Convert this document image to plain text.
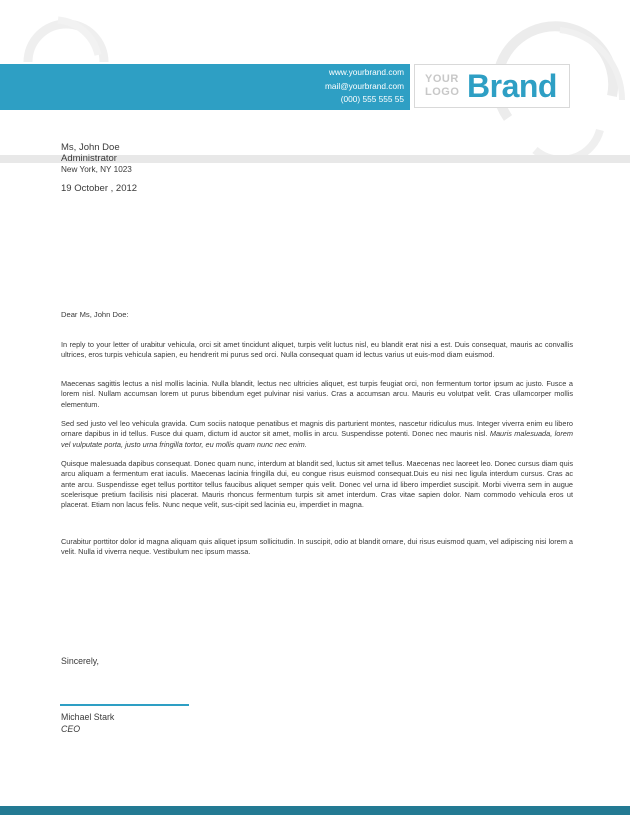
www.yourbrand.com
mail@yourbrand.com
(000) 555 555 55
YOUR
LOGO Brand
Ms, John Doe
Administrator
New York, NY 1023
19 October , 2012
Dear Ms, John Doe:

In reply to your letter of urabitur vehicula, orci sit amet tincidunt aliquet, turpis velit luctus nisl, eu blandit erat nisi a est. Duis consequat, mauris ac convallis ultrices, eros turpis vehicula sapien, eu hendrerit mi purus sed orci. Nulla consequat quam id lectus varius ut euis-mod diam euismod.

Maecenas sagittis lectus a nisl mollis lacinia. Nulla blandit, lectus nec ultricies aliquet, est turpis feugiat orci, non fermentum tortor ipsum ac justo. Fusce a lorem nisl. Nullam accumsan lorem ut purus bibendum eget pulvinar nisi varius. Cras a accumsan arcu. Mauris eu volutpat velit. Cras ullamcorper mollis elementum.

Sed sed justo vel leo vehicula gravida. Cum sociis natoque penatibus et magnis dis parturient montes, nascetur ridiculus mus. Integer viverra enim eu libero ornare dapibus in id tellus. Fusce dui quam, dictum id auctor sit amet, mollis in arcu. Suspendisse potenti. Donec nec mauris nisl. Mauris malesuada, lorem vel vulputate porta, justo urna fringilla tortor, eu mollis quam nunc nec enim.

Quisque malesuada dapibus consequat. Donec quam nunc, interdum at blandit sed, luctus sit amet tellus. Maecenas nec laoreet leo. Donec cursus diam quis arcu aliquam a fermentum erat iaculis. Maecenas lacinia fringilla dui, eu congue risus euismod consequat.Duis eu nisi nec ligula interdum cursus. Cras ac ante arcu. Suspendisse eget tellus porttitor tellus faucibus aliquet semper quis velit. Donec vel urna id libero imperdiet suscipit. Morbi viverra sem in augue scelerisque pretium facilisis nisi placerat. Mauris rhoncus fermentum turpis sit amet interdum. Cras vitae sapien dolor. Nam commodo vehicula eros ut placerat. Etiam non lacus felis. Nunc neque velit, sus-cipit sed lacinia eu, imperdiet in magna.

Curabitur porttitor dolor id magna aliquam quis aliquet ipsum sollicitudin. In suscipit, odio at blandit ornare, dui risus euismod quam, vel adipiscing nisi lorem a velit. Nulla id viverra neque. Vestibulum nec ipsum massa.

Sincerely,
Michael Stark
CEO
